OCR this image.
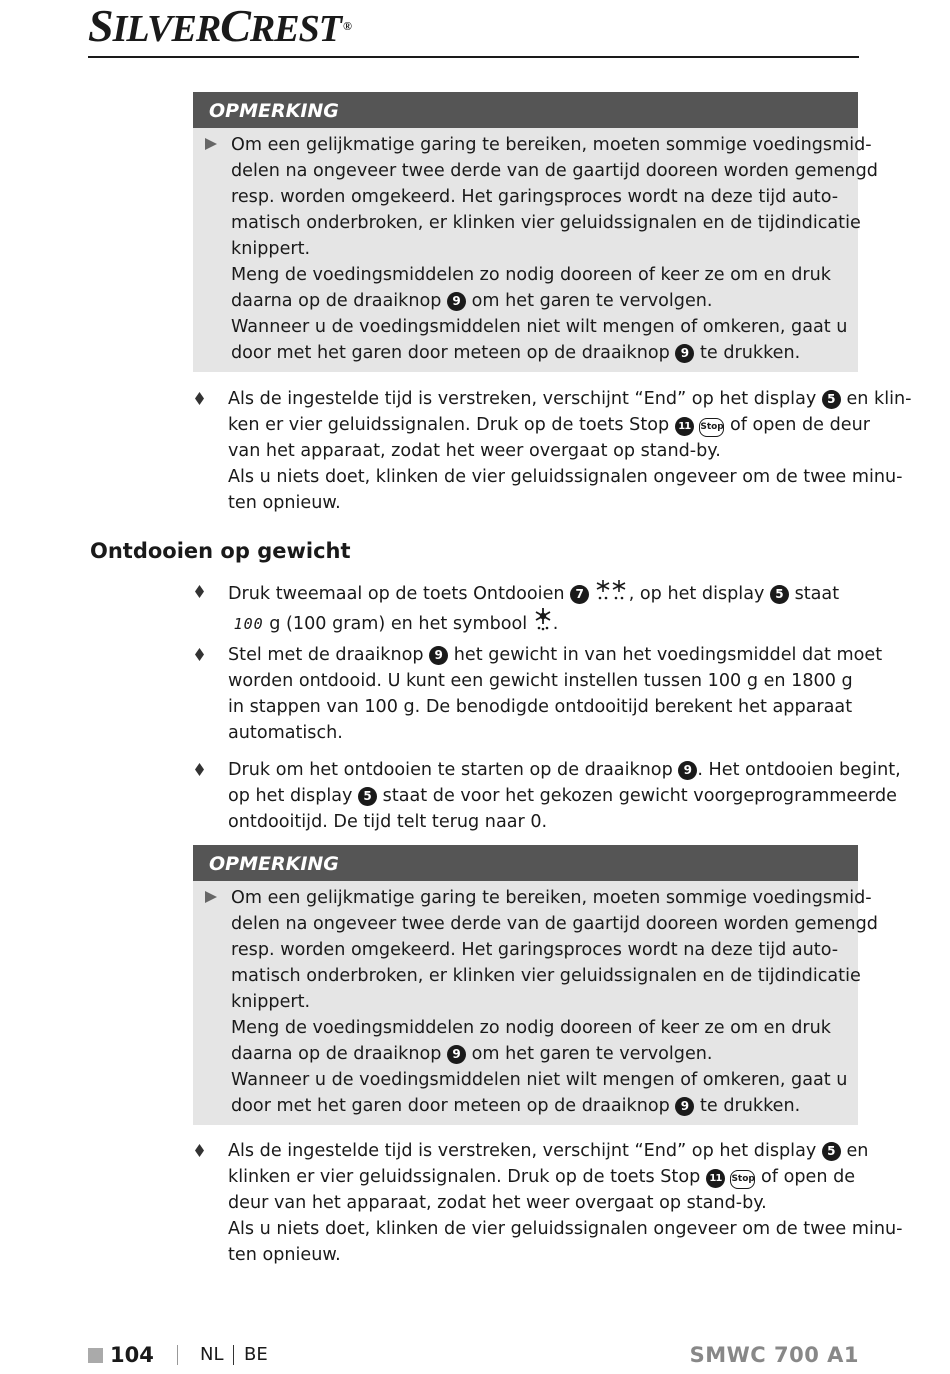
SILVERCREST ®
OPMERKING
Om een gelijkmatige garing te bereiken, moeten sommige voedingsmid-
delen na ongeveer twee derde van de gaartijd dooreen worden gemengd
resp. worden omgekeerd. Het garingsproces wordt na deze tijd auto-
matisch onderbroken, er klinken vier geluidssignalen en de tijdindicatie
knippert.
Meng de voedingsmiddelen zo nodig dooreen of keer ze om en druk
daarna op de draaiknop 9 om het garen te vervolgen.
Wanneer u de voedingsmiddelen niet wilt mengen of omkeren, gaat u
door met het garen door meteen op de draaiknop 9 te drukken.
Als de ingestelde tijd is verstreken, verschijnt “End” op het display 5 en klin-
ken er vier geluidssignalen. Druk op de toets Stop 11 Stop of open de deur
van het apparaat, zodat het weer overgaat op stand-by.
Als u niets doet, klinken de vier geluidssignalen ongeveer om de twee minu-
ten opnieuw.
Ontdooien op gewicht
Druk tweemaal op de toets Ontdooien 7	, op het display 5 staat
100 g (100 gram) en het symbool .
Stel met de draaiknop 9 het gewicht in van het voedingsmiddel dat moet
worden ontdooid. U kunt een gewicht instellen tussen 100 g en 1800 g
in stappen van 100 g. De benodigde ontdooitijd berekent het apparaat
automatisch.
Druk om het ontdooien te starten op de draaiknop 9 . Het ontdooien begint,
op het display 5 staat de voor het gekozen gewicht voorgeprogrammeerde
ontdooitijd. De tijd telt terug naar 0.
OPMERKING
Om een gelijkmatige garing te bereiken, moeten sommige voedingsmid-
delen na ongeveer twee derde van de gaartijd dooreen worden gemengd
resp. worden omgekeerd. Het garingsproces wordt na deze tijd auto-
matisch onderbroken, er klinken vier geluidssignalen en de tijdindicatie
knippert.
Meng de voedingsmiddelen zo nodig dooreen of keer ze om en druk
daarna op de draaiknop 9 om het garen te vervolgen.
Wanneer u de voedingsmiddelen niet wilt mengen of omkeren, gaat u
door met het garen door meteen op de draaiknop 9 te drukken.
Als de ingestelde tijd is verstreken, verschijnt “End” op het display 5 en
klinken er vier geluidssignalen. Druk op de toets Stop 11 Stop of open de
deur van het apparaat, zodat het weer overgaat op stand-by.
Als u niets doet, klinken de vier geluidssignalen ongeveer om de twee minu-
ten opnieuw.
104	NL BE	SMWC 700 A1
